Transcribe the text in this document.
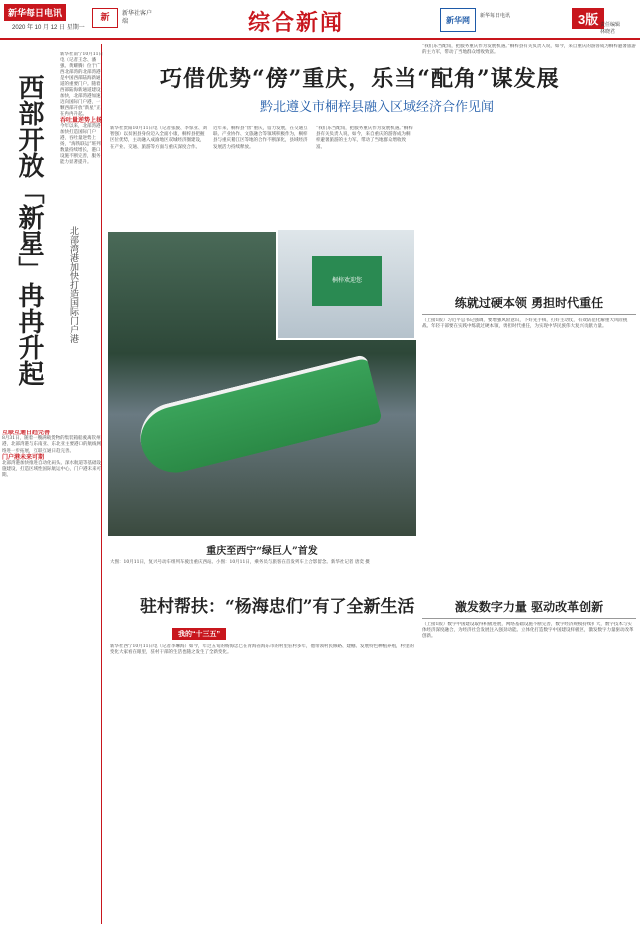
新华每日电讯
2020 年 10 月 12 日 星期一
新	新华社客户端	综合新闻	新华网	新华每日电讯	3版 责任编辑
林晓君
西部开放「新星」冉冉升起	北部湾港加快打造国际门户港

新华社南宁10月11日电（记者王念、潘强、黄耀腾）位于广西北部湾的北部湾港是中国西部陆海新通道的重要门户。随着西部陆海新通道建设加快，北部湾港加速迈向国际门户港，一颗西部开放“新星”正在冉冉升起。

吞吐量逆势上扬

今年以来，北部湾港加快打造国际门户港，吞吐量逆势上扬，“海铁联运”班列数量持续增长，港口设施不断完善，服务能力显著提升。

互联互通日趋完善

8月31日，随着一艘满载货物的集装箱船驶离钦州港，北部湾港与东南亚、东北亚主要港口的航线网络进一步拓展，互联互通日趋完善。

门户港未来可期

北部湾港加快推进自动化码头、深水航道等基础设施建设，打造区域性国际航运中心，门户港未来可期。

巧借优势“傍”重庆，乐当“配角”谋发展
黔北遵义市桐梓县融入区域经济合作见闻
新华社贵阳10月11日电（记者张骏、李惊亚、刘智强）以贫困县身份迈入全面小康，桐梓县把握区位优势，主动融入成渝地区双城经济圈建设，在产业、交通、旅游等方面与重庆深度合作。
近年来，桐梓县“傍”重庆，借力发展，在交通互联、产业协作、文旅融合等领域积极作为，桐梓县与重庆綦江区等地的合作不断深化，县域经济发展活力持续释放。
“我们乐当配角，把服务重庆作为发展机遇。”桐梓县有关负责人说，如今，来自重庆的游客成为桐梓避暑旅游的主力军，带动了当地群众增收致富。
桐梓欢迎您
重庆至西宁“绿巨人”首发
大图：10月11日，复兴号动车组列车驶出重庆西站。小图：10月11日，乘务员与旅客在首发列车上合影留念。新华社记者 唐奕 摄
驻村帮扶：“杨海忠们”有了全新生活
我的“十三五”
新华社西宁10月11日电（记者李琳海）如今，年过五旬的杨海忠已在青海省海东市的村里驻村多年，他带领村民修路、建棚、发展特色种植养殖，村里的变化大家看在眼里，驻村干部的生活也随之发生了全新变化。
“我们乐当配角，把服务重庆作为发展机遇。”桐梓县有关负责人说，如今，来自重庆的游客成为桐梓避暑旅游的主力军，带动了当地群众增收致富。
练就过硬本领 勇担时代重任
（上接1版）习近平总书记强调，要增强风险意识，下好先手棋，打好主动仗，有效防范化解重大风险挑战。年轻干部要在实践中练就过硬本领，勇担时代重任，为实现中华民族伟大复兴贡献力量。
激发数字力量 驱动改革创新
（上接1版）数字中国建设取得积极进展，网络基础设施不断完善，数字经济规模持续扩大，数字技术与实体经济深度融合，为经济社会发展注入强劲动能。立体化打造数字中国建设样板区，激发数字力量驱动改革创新。
